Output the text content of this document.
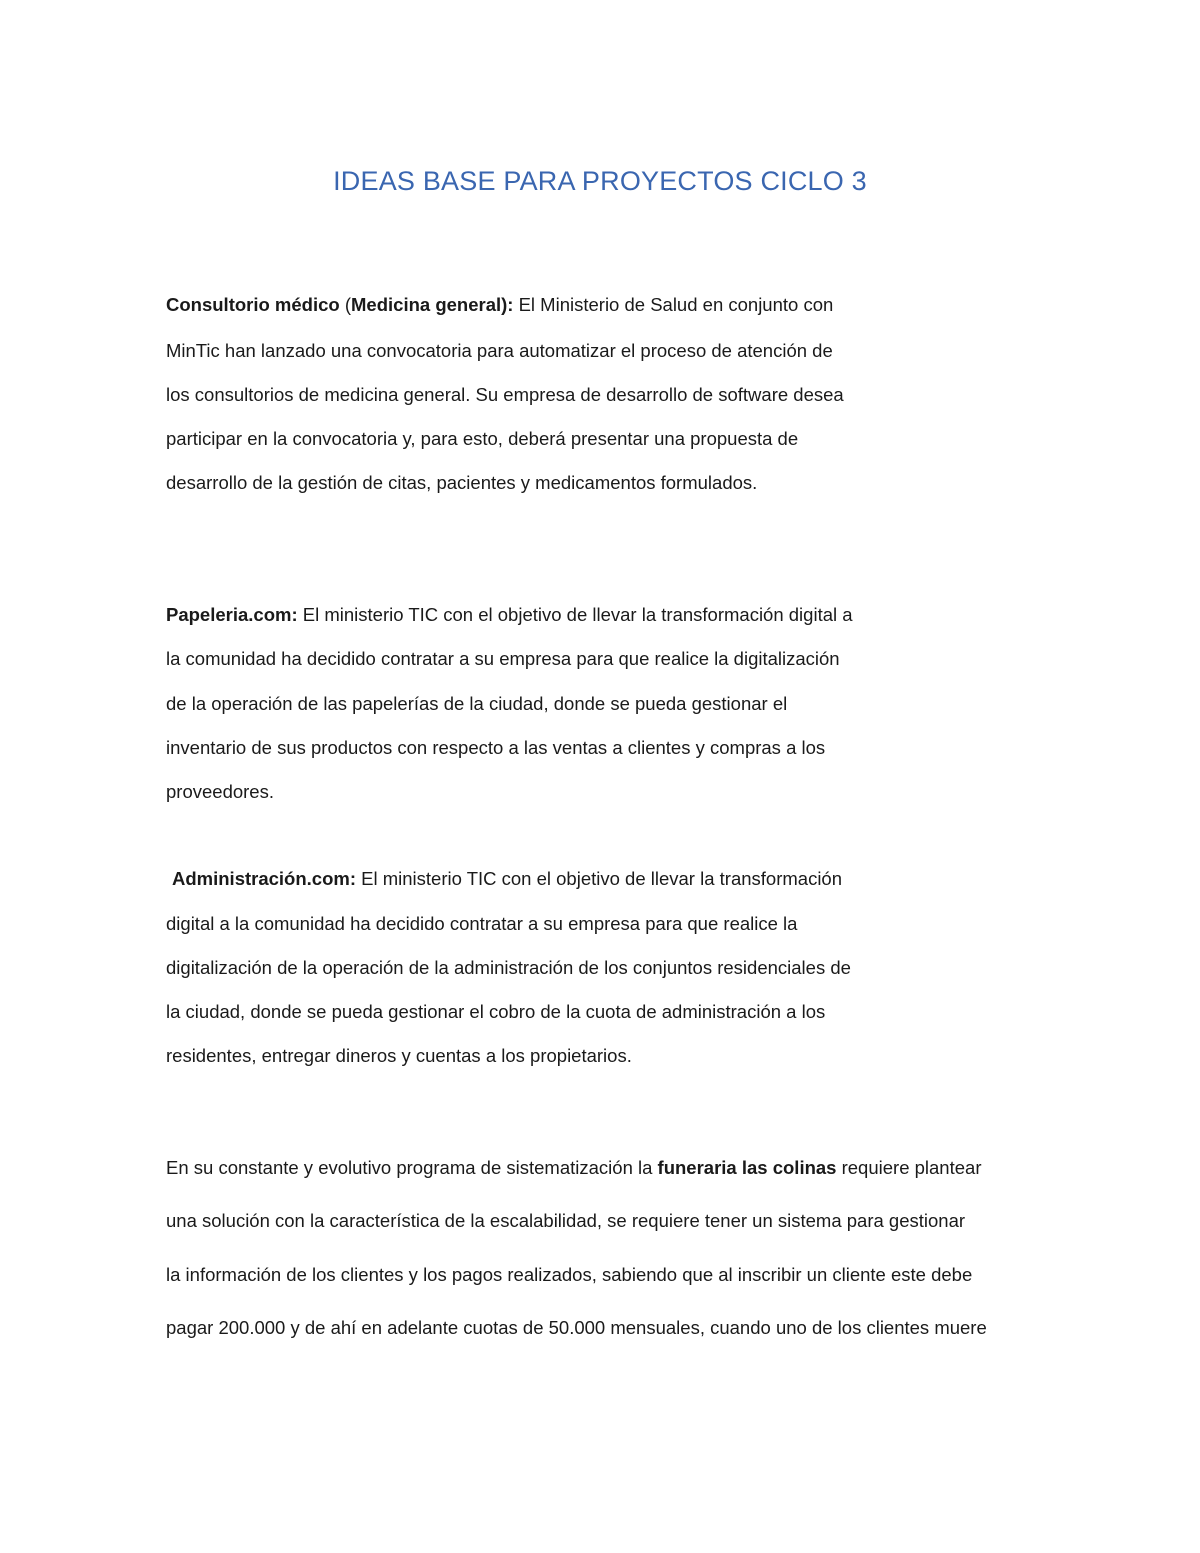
IDEAS BASE PARA PROYECTOS CICLO 3
Consultorio médico (Medicina general): El Ministerio de Salud en conjunto con
MinTic han lanzado una convocatoria para automatizar el proceso de atención de
los consultorios de medicina general. Su empresa de desarrollo de software desea
participar en la convocatoria y, para esto, deberá presentar una propuesta de
desarrollo de la gestión de citas, pacientes y medicamentos formulados.
Papeleria.com: El ministerio TIC con el objetivo de llevar la transformación digital a
la comunidad ha decidido contratar a su empresa para que realice la digitalización
de la operación de las papelerías de la ciudad, donde se pueda gestionar el
inventario de sus productos con respecto a las ventas a clientes y compras a los
proveedores.
Administración.com: El ministerio TIC con el objetivo de llevar la transformación
digital a la comunidad ha decidido contratar a su empresa para que realice la
digitalización de la operación de la administración de los conjuntos residenciales de
la ciudad, donde se pueda gestionar el cobro de la cuota de administración a los
residentes, entregar dineros y cuentas a los propietarios.
En su constante y evolutivo programa de sistematización la funeraria las colinas requiere plantear
una solución con la característica de la escalabilidad, se requiere tener un sistema para gestionar
la información de los clientes y los pagos realizados, sabiendo que al inscribir un cliente este debe
pagar 200.000 y de ahí en adelante cuotas de 50.000 mensuales, cuando uno de los clientes muere
